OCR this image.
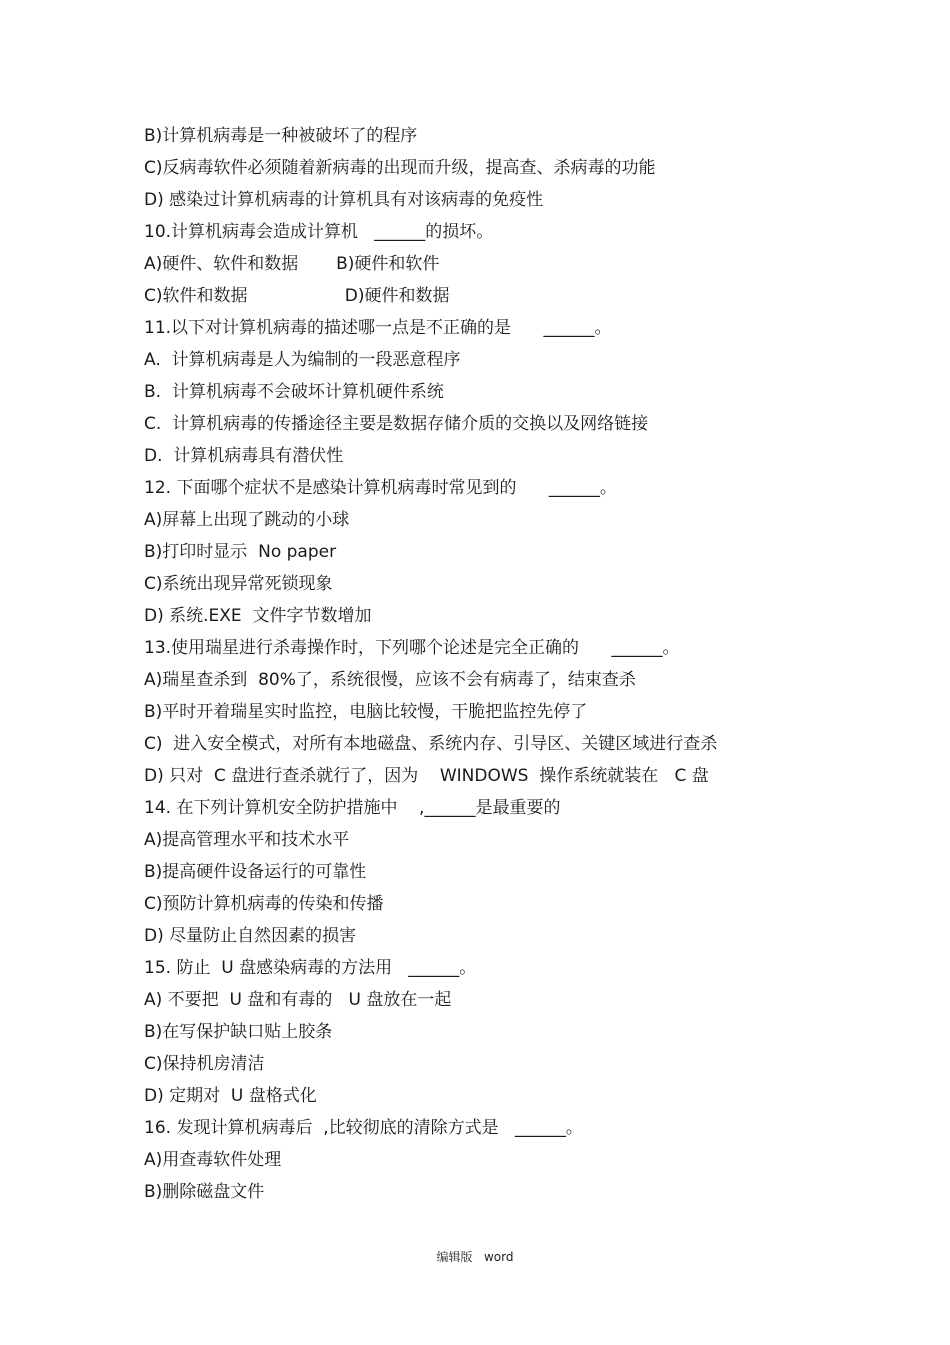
B)计算机病毒是一种被破坏了的程序
C)反病毒软件必须随着新病毒的出现而升级，提高查、杀病毒的功能
D) 感染过计算机病毒的计算机具有对该病毒的免疫性
10.计算机病毒会造成计算机   ______的损坏。
A)硬件、软件和数据       B)硬件和软件
C)软件和数据                  D)硬件和数据
11.以下对计算机病毒的描述哪一点是不正确的是      ______。
A.  计算机病毒是人为编制的一段恶意程序
B.  计算机病毒不会破坏计算机硬件系统
C.  计算机病毒的传播途径主要是数据存储介质的交换以及网络链接
D.  计算机病毒具有潜伏性
12. 下面哪个症状不是感染计算机病毒时常见到的      ______。
A)屏幕上出现了跳动的小球
B)打印时显示  No paper
C)系统出现异常死锁现象
D) 系统.EXE  文件字节数增加
13.使用瑞星进行杀毒操作时，下列哪个论述是完全正确的      ______。
A)瑞星查杀到  80%了，系统很慢，应该不会有病毒了，结束查杀
B)平时开着瑞星实时监控，电脑比较慢，干脆把监控先停了
C)  进入安全模式，对所有本地磁盘、系统内存、引导区、关键区域进行查杀
D) 只对  C 盘进行查杀就行了，因为    WINDOWS  操作系统就装在   C 盘
14. 在下列计算机安全防护措施中    ,______是最重要的
A)提高管理水平和技术水平
B)提高硬件设备运行的可靠性
C)预防计算机病毒的传染和传播
D) 尽量防止自然因素的损害
15. 防止  U 盘感染病毒的方法用   ______。
A) 不要把  U 盘和有毒的   U 盘放在一起
B)在写保护缺口贴上胶条
C)保持机房清洁
D) 定期对  U 盘格式化
16. 发现计算机病毒后  ,比较彻底的清除方式是   ______。
A)用查毒软件处理
B)删除磁盘文件
编辑版   word
